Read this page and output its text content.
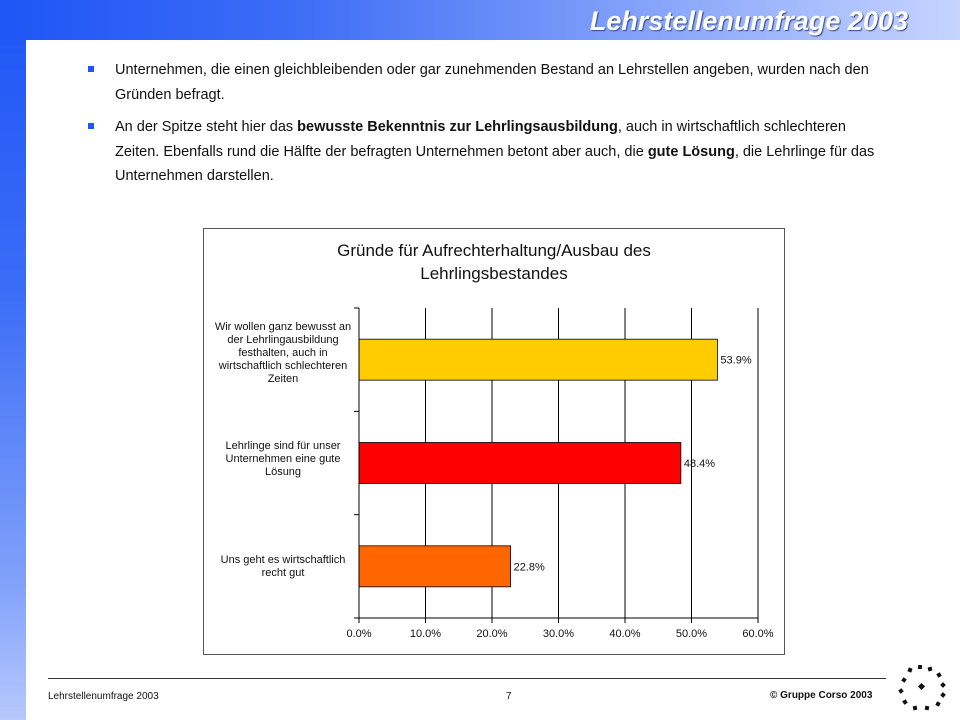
Lehrstellenumfrage 2003
Unternehmen, die einen gleichbleibenden oder gar zunehmenden Bestand an Lehrstellen angeben, wurden nach den Gründen befragt.
An der Spitze steht hier das bewusste Bekenntnis zur Lehrlingsausbildung, auch in wirtschaftlich schlechteren Zeiten. Ebenfalls rund die Hälfte der befragten Unternehmen betont aber auch, die gute Lösung, die Lehrlinge für das Unternehmen darstellen.
Gründe für Aufrechterhaltung/Ausbau des
Lehrlingsbestandes
Wir wollen ganz bewusst an der Lehrlingausbildung festhalten, auch in wirtschaftlich schlechteren Zeiten
Lehrlinge sind für unser Unternehmen eine gute Lösung
Uns geht es wirtschaftlich recht gut
53.9%
48.4%
22.8%
0.0%	10.0%	20.0%	30.0%	40.0%	50.0%	60.0%
Lehrstellenumfrage 2003	7	© Gruppe Corso 2003
